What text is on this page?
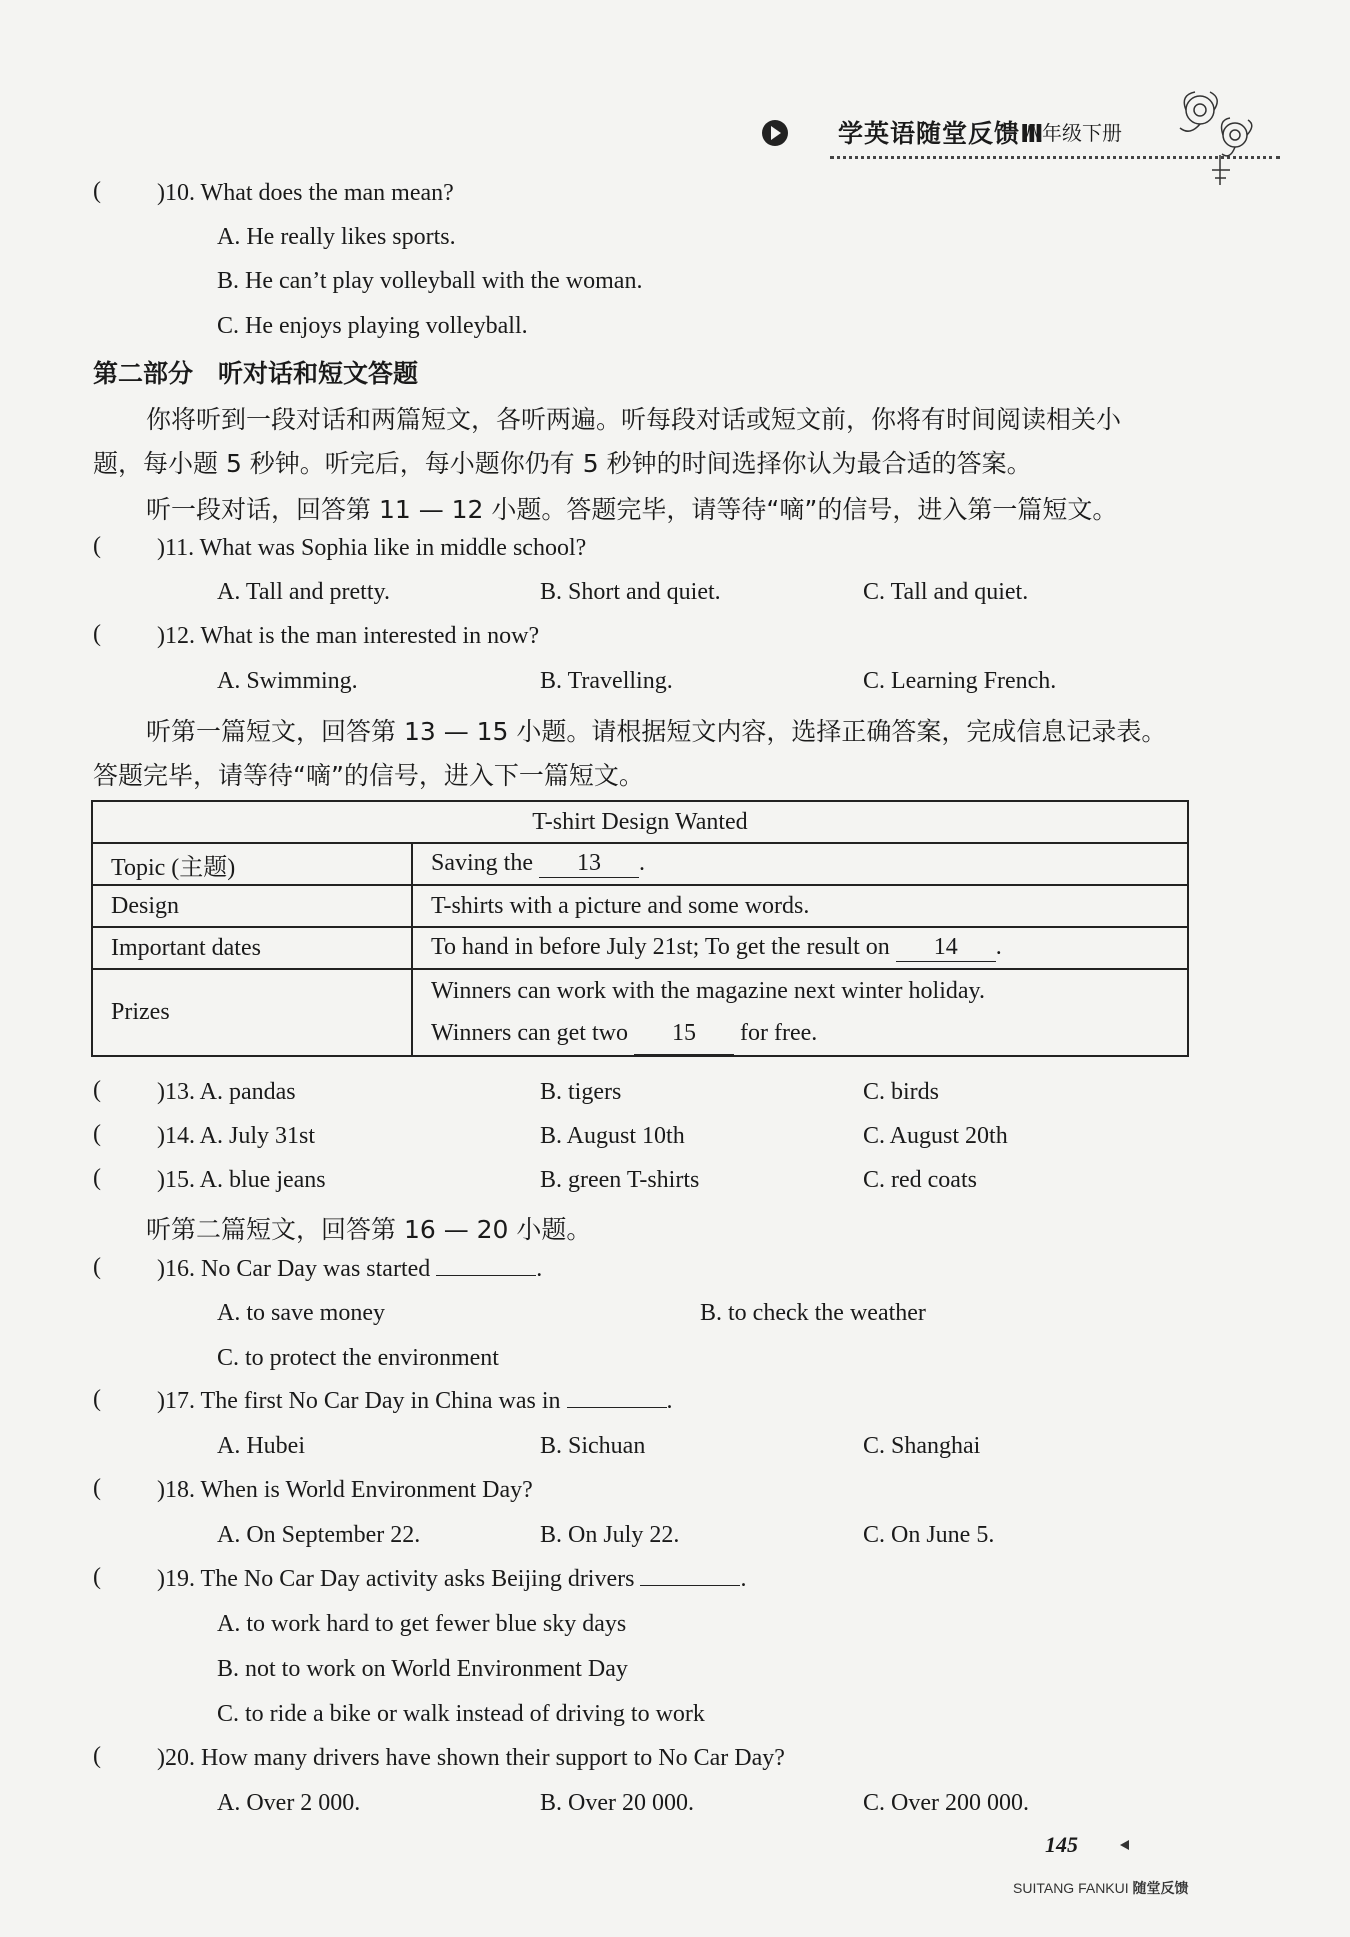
学英语随堂反馈Ⅲ
八年级下册
( )10. What does the man mean?
A. He really likes sports.
B. He can’t play volleyball with the woman.
C. He enjoys playing volleyball.
第二部分　听对话和短文答题
你将听到一段对话和两篇短文，各听两遍。听每段对话或短文前，你将有时间阅读相关小
题，每小题 5 秒钟。听完后，每小题你仍有 5 秒钟的时间选择你认为最合适的答案。
听一段对话，回答第 11 — 12 小题。答题完毕，请等待“嘀”的信号，进入第一篇短文。
( )11. What was Sophia like in middle school?
A. Tall and pretty.	B. Short and quiet.	C. Tall and quiet.
( )12. What is the man interested in now?
A. Swimming.	B. Travelling.	C. Learning French.
听第一篇短文，回答第 13 — 15 小题。请根据短文内容，选择正确答案，完成信息记录表。
答题完毕，请等待“嘀”的信号，进入下一篇短文。
T-shirt Design Wanted	
Topic (主题)	Saving the 13 .
Design	T-shirts with a picture and some words.
Important dates	To hand in before July 21st; To get the result on 14 .
Prizes	Winners can work with the magazine next winter holiday.
Winners can get two 15 for free.
( )13. A. pandas	B. tigers	C. birds
( )14. A. July 31st	B. August 10th	C. August 20th
( )15. A. blue jeans	B. green T-shirts	C. red coats
听第二篇短文，回答第 16 — 20 小题。
( )16. No Car Day was started	.
A. to save money	B. to check the weather
C. to protect the environment
( )17. The first No Car Day in China was in	.
A. Hubei	B. Sichuan	C. Shanghai
( )18. When is World Environment Day?
A. On September 22.	B. On July 22.	C. On June 5.
( )19. The No Car Day activity asks Beijing drivers	.
A. to work hard to get fewer blue sky days
B. not to work on World Environment Day
C. to ride a bike or walk instead of driving to work
( )20. How many drivers have shown their support to No Car Day?
A. Over 2 000.	B. Over 20 000.	C. Over 200 000.
145
SUITANG FANKUI 随堂反馈
